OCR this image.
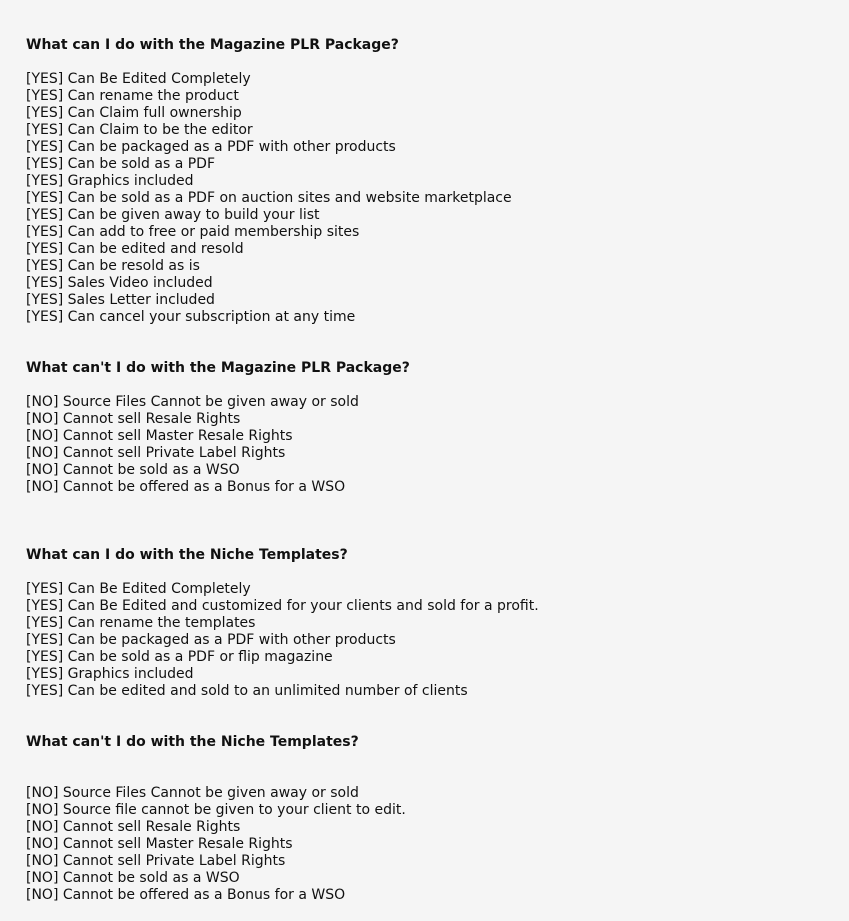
What can I do with the Magazine PLR Package?
[YES] Can Be Edited Completely
[YES] Can rename the product
[YES] Can Claim full ownership
[YES] Can Claim to be the editor
[YES] Can be packaged as a PDF with other products
[YES] Can be sold as a PDF
[YES] Graphics included
[YES] Can be sold as a PDF on auction sites and website marketplace
[YES] Can be given away to build your list
[YES] Can add to free or paid membership sites
[YES] Can be edited and resold
[YES] Can be resold as is
[YES] Sales Video included
[YES] Sales Letter included
[YES] Can cancel your subscription at any time
What can't I do with the Magazine PLR Package?
[NO] Source Files Cannot be given away or sold
[NO] Cannot sell Resale Rights
[NO] Cannot sell Master Resale Rights
[NO] Cannot sell Private Label Rights
[NO] Cannot be sold as a WSO
[NO] Cannot be offered as a Bonus for a WSO
What can I do with the Niche Templates?
[YES] Can Be Edited Completely
[YES] Can Be Edited and customized for your clients and sold for a profit.
[YES] Can rename the templates
[YES] Can be packaged as a PDF with other products
[YES] Can be sold as a PDF or flip magazine
[YES] Graphics included
[YES] Can be edited and sold to an unlimited number of clients
What can't I do with the Niche Templates?
[NO] Source Files Cannot be given away or sold
[NO] Source file cannot be given to your client to edit.
[NO] Cannot sell Resale Rights
[NO] Cannot sell Master Resale Rights
[NO] Cannot sell Private Label Rights
[NO] Cannot be sold as a WSO
[NO] Cannot be offered as a Bonus for a WSO
